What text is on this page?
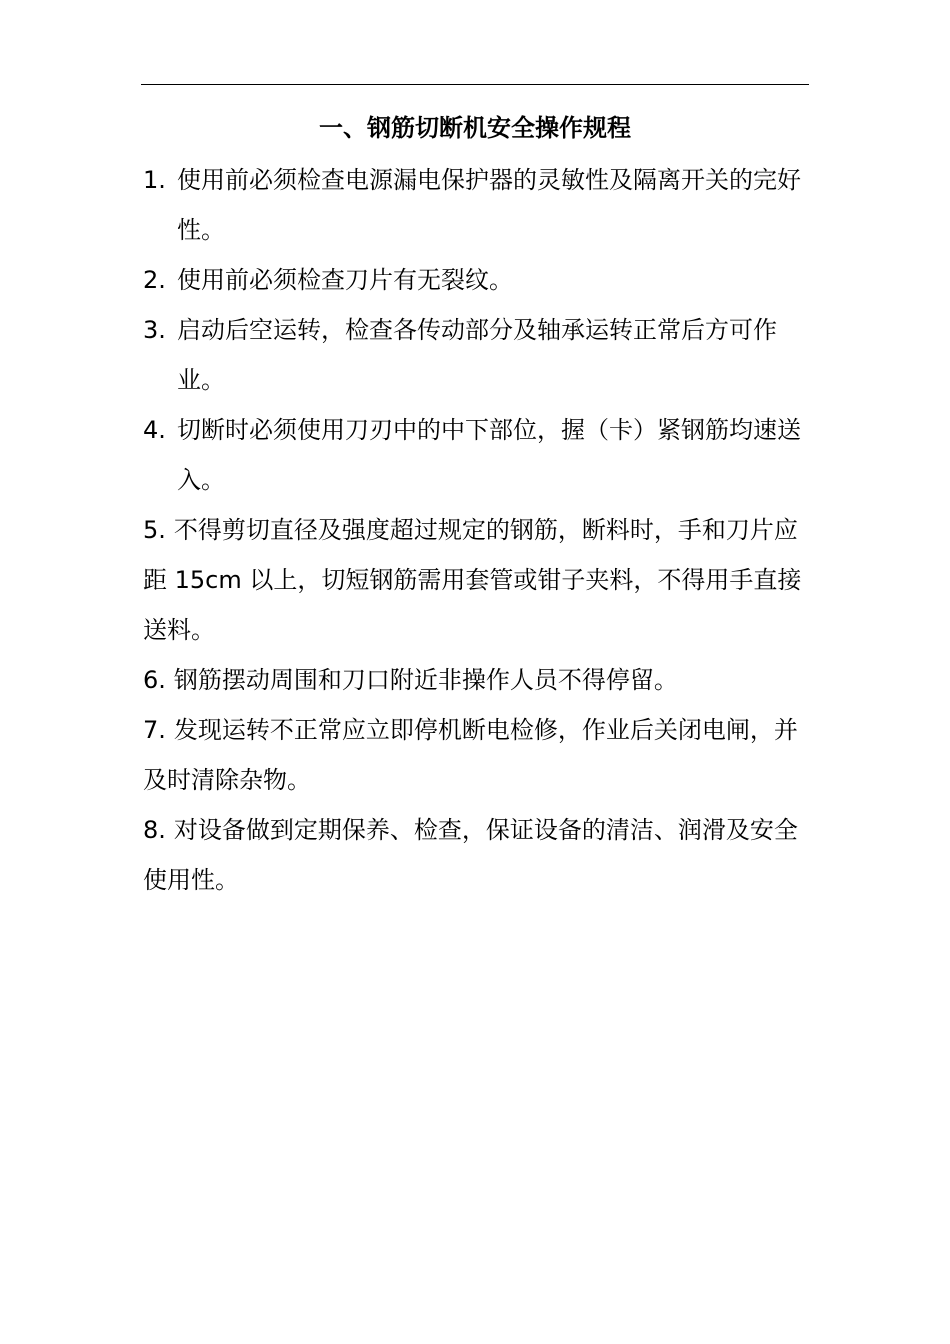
一、钢筋切断机安全操作规程
1. 使用前必须检查电源漏电保护器的灵敏性及隔离开关的完好性。
2. 使用前必须检查刀片有无裂纹。
3. 启动后空运转，检查各传动部分及轴承运转正常后方可作业。
4. 切断时必须使用刀刃中的中下部位，握（卡）紧钢筋均速送入。
5. 不得剪切直径及强度超过规定的钢筋，断料时，手和刀片应距 15cm 以上，切短钢筋需用套管或钳子夹料，不得用手直接送料。
6. 钢筋摆动周围和刀口附近非操作人员不得停留。
7. 发现运转不正常应立即停机断电检修，作业后关闭电闸，并及时清除杂物。
8. 对设备做到定期保养、检查，保证设备的清洁、润滑及安全使用性。
